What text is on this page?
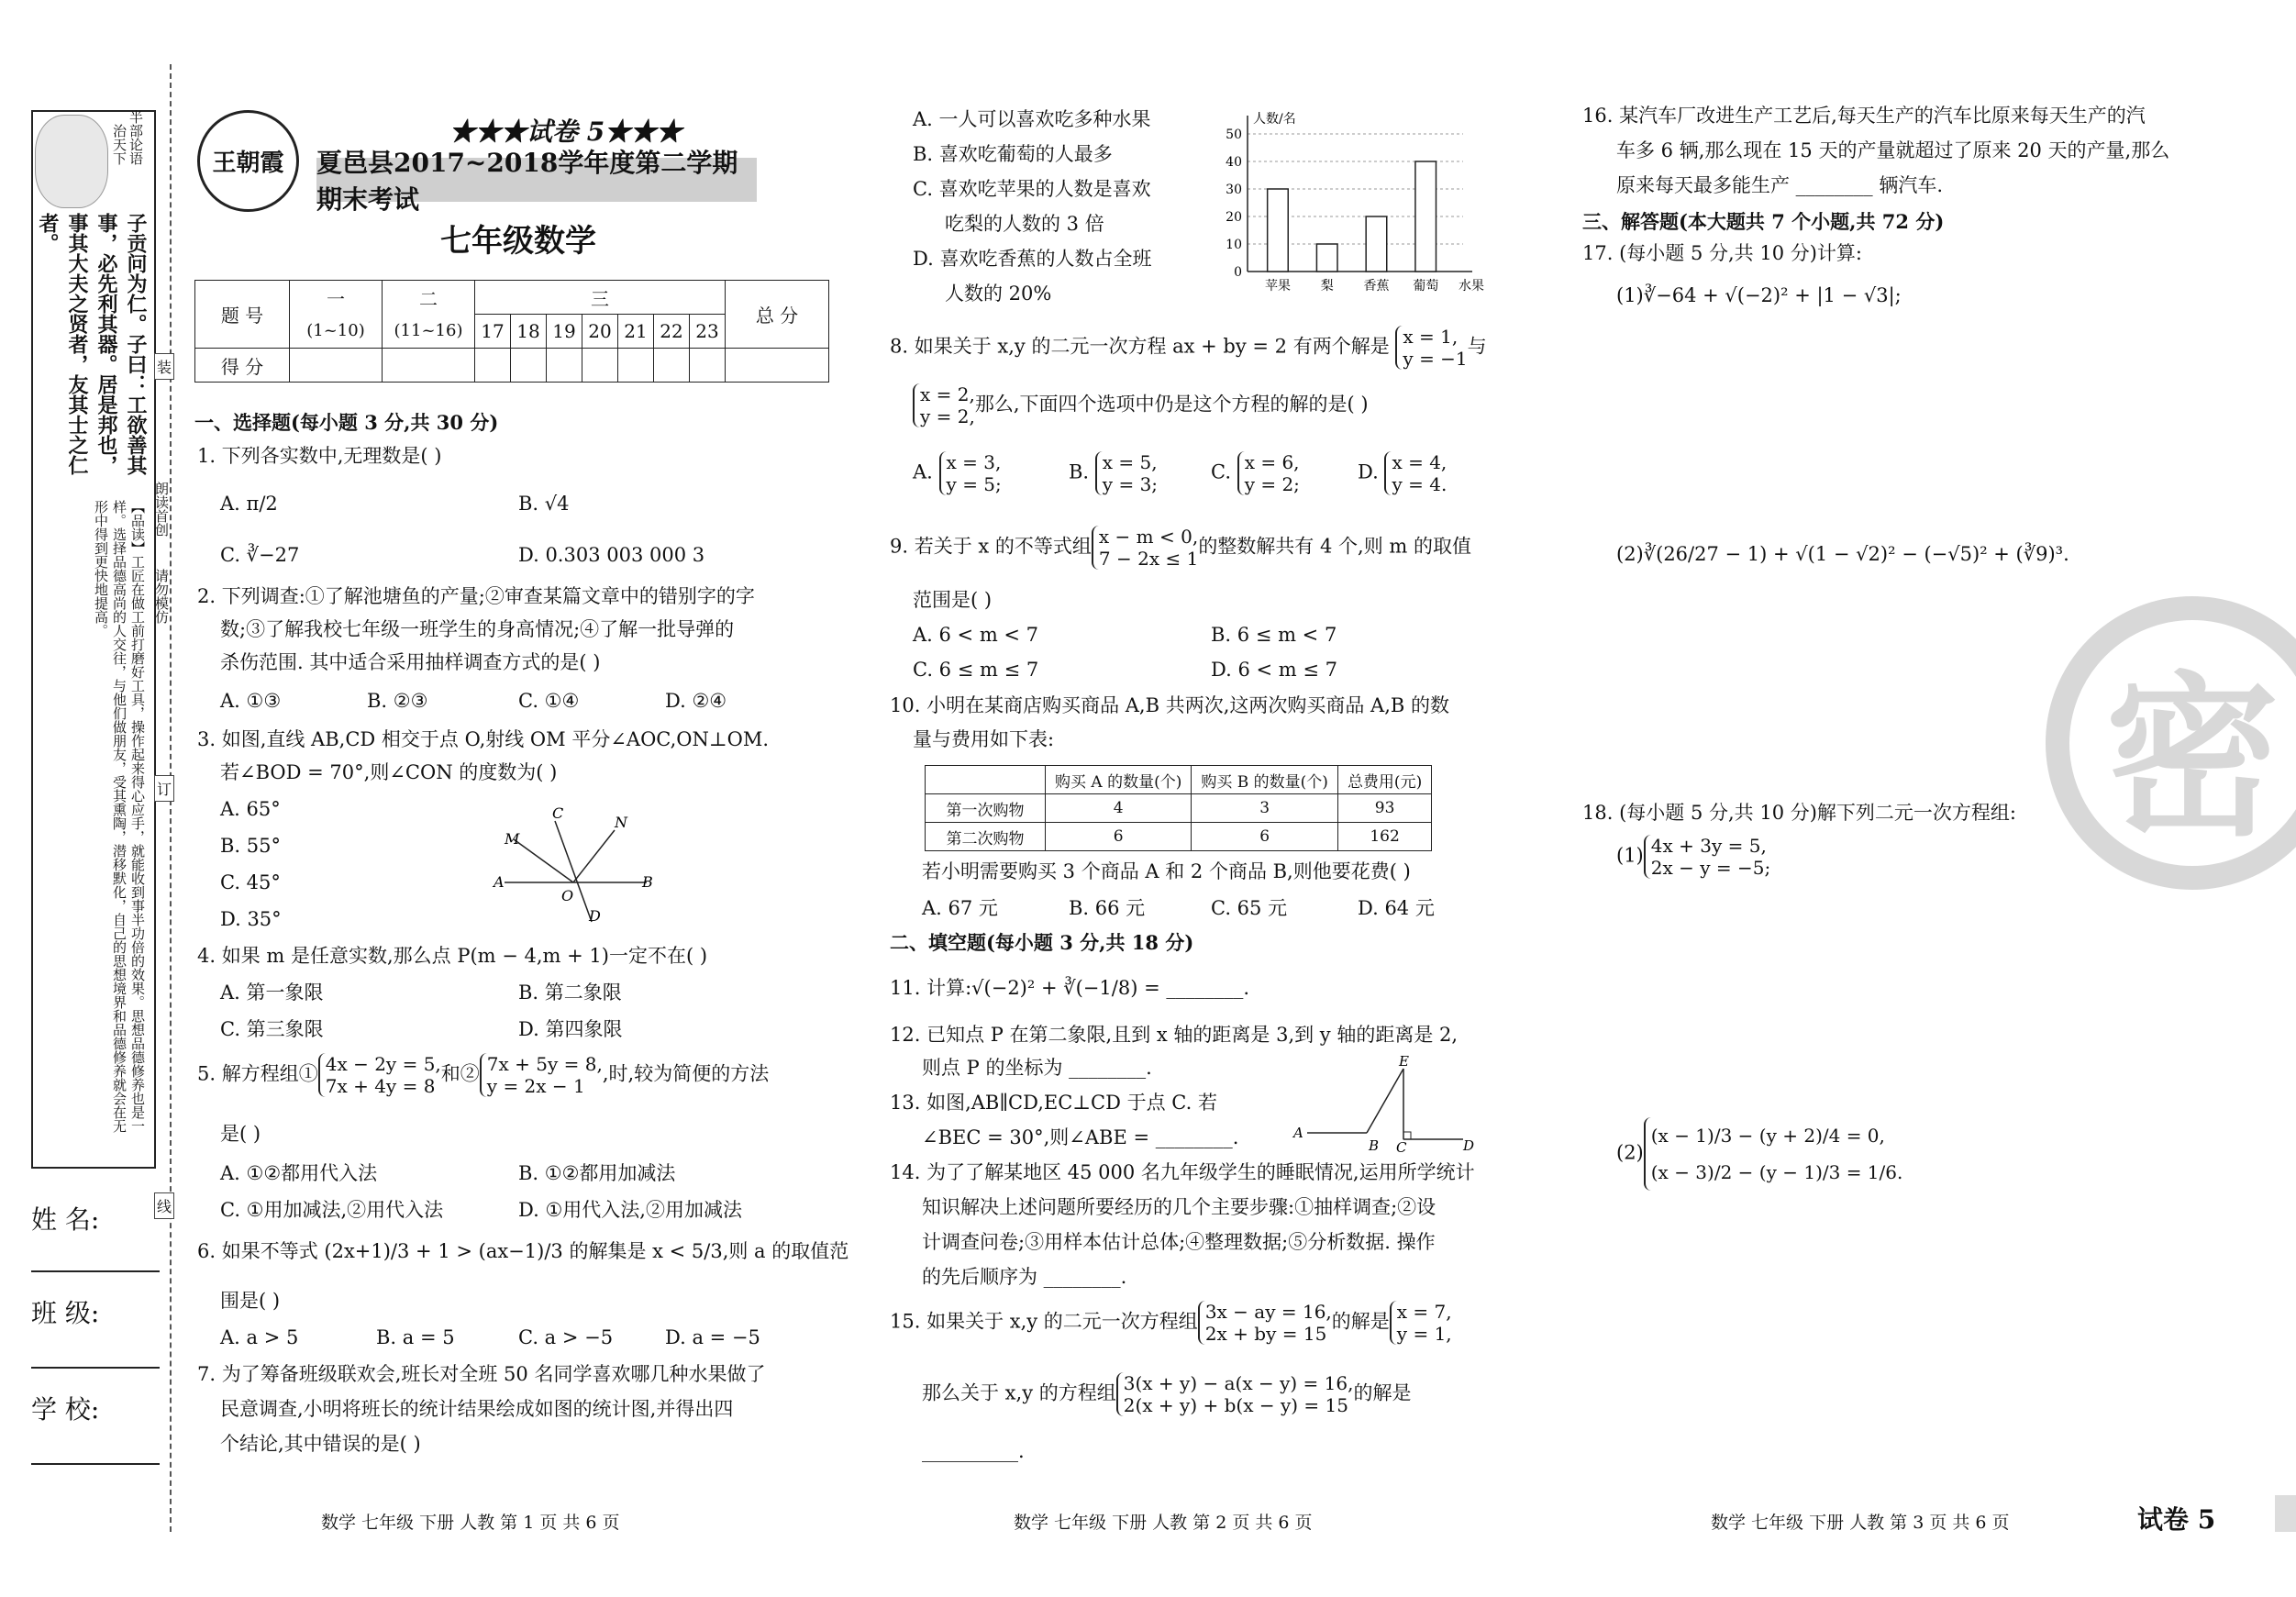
半部论语
治天下
子贡问为仁。子曰：工欲善其事，必先利其器。居是邦也，事其大夫之贤者，友其士之仁者。
【品读】工匠在做工前打磨好工具，操作起来得心应手，就能收到事半功倍的效果。思想品德修养也是一样。选择品德高尚的人交往，与他们做朋友，受其熏陶，潜移默化，自己的思想境界和品德修养就会在无形中得到更快地提高。
姓 名:
班 级:
学 校:
装
订
线
朗读首创
请勿模仿
王朝霞
★★★试卷 5★★★
夏邑县2017~2018学年度第二学期期末考试
七年级数学
题 号	一	二	三							总 分
	(1~10)	(11~16)	17	18	19	20	21	22	23	
得 分										
一、选择题(每小题 3 分,共 30 分)
1. 下列各实数中,无理数是( )
A. π/2	B. √4
C. ∛−27	D. 0.303 003 000 3
2. 下列调查:①了解池塘鱼的产量;②审查某篇文章中的错别字的字
数;③了解我校七年级一班学生的身高情况;④了解一批导弹的
杀伤范围. 其中适合采用抽样调查方式的是( )
A. ①③	B. ②③	C. ①④	D. ②④
3. 如图,直线 AB,CD 相交于点 O,射线 OM 平分∠AOC,ON⊥OM.
若∠BOD = 70°,则∠CON 的度数为( )
A. 65°
B. 55°
C. 45°
D. 35°
C
N
M
A
O
B
D
4. 如果 m 是任意实数,那么点 P(m − 4,m + 1)一定不在( )
A. 第一象限	B. 第二象限
C. 第三象限	D. 第四象限
5. 解方程组① 4x − 2y = 5,
7x + 4y = 8和② 7x + 5y = 8,
y = 2x − 1,时,较为简便的方法
是( )
A. ①②都用代入法	B. ①②都用加减法
C. ①用加减法,②用代入法	D. ①用代入法,②用加减法
6. 如果不等式 (2x+1)/3 + 1 > (ax−1)/3 的解集是 x < 5/3,则 a 的取值范
围是( )
A. a > 5	B. a = 5	C. a > −5	D. a = −5
7. 为了筹备班级联欢会,班长对全班 50 名同学喜欢哪几种水果做了
民意调查,小明将班长的统计结果绘成如图的统计图,并得出四
个结论,其中错误的是( )
数学 七年级 下册 人教 第 1 页 共 6 页
A. 一人可以喜欢吃多种水果
B. 喜欢吃葡萄的人最多
C. 喜欢吃苹果的人数是喜欢
吃梨的人数的 3 倍
D. 喜欢吃香蕉的人数占全班
人数的 20%
0
10
20
30
40
50
人数/名
苹果 梨 香蕉 葡萄 水果
8. 如果关于 x,y 的二元一次方程 ax + by = 2 有两个解是 x = 1,
y = −1与
x = 2,
y = 2,那么,下面四个选项中仍是这个方程的解的是( )
A. x = 3,
y = 5;
B. x = 5,
y = 3;
C. x = 6,
y = 2;
D. x = 4,
y = 4.
9. 若关于 x 的不等式组 x − m < 0,
7 − 2x ≤ 1的整数解共有 4 个,则 m 的取值
范围是( )
A. 6 < m < 7	B. 6 ≤ m < 7
C. 6 ≤ m ≤ 7	D. 6 < m ≤ 7
10. 小明在某商店购买商品 A,B 共两次,这两次购买商品 A,B 的数
量与费用如下表:
	购买 A 的数量(个)	购买 B 的数量(个)	总费用(元)
第一次购物	4	3	93
第二次购物	6	6	162
若小明需要购买 3 个商品 A 和 2 个商品 B,则他要花费( )
A. 67 元	B. 66 元	C. 65 元	D. 64 元
二、填空题(每小题 3 分,共 18 分)
11. 计算:√(−2)² + ∛(−1/8) = ________.
12. 已知点 P 在第二象限,且到 x 轴的距离是 3,到 y 轴的距离是 2,
则点 P 的坐标为 ________.
13. 如图,AB∥CD,EC⊥CD 于点 C. 若
∠BEC = 30°,则∠ABE = ________.
E
A
B C	D
14. 为了了解某地区 45 000 名九年级学生的睡眠情况,运用所学统计
知识解决上述问题所要经历的几个主要步骤:①抽样调查;②设
计调查问卷;③用样本估计总体;④整理数据;⑤分析数据. 操作
的先后顺序为 ________.
15. 如果关于 x,y 的二元一次方程组 3x − ay = 16,
2x + by = 15的解是 x = 7,
y = 1,
那么关于 x,y 的方程组 3(x + y) − a(x − y) = 16,
2(x + y) + b(x − y) = 15的解是
__________.
数学 七年级 下册 人教 第 2 页 共 6 页
密
16. 某汽车厂改进生产工艺后,每天生产的汽车比原来每天生产的汽
车多 6 辆,那么现在 15 天的产量就超过了原来 20 天的产量,那么
原来每天最多能生产 ________ 辆汽车.
三、解答题(本大题共 7 个小题,共 72 分)
17. (每小题 5 分,共 10 分)计算:
(1)∛−64 + √(−2)² + |1 − √3|;
(2)∛(26/27 − 1) + √(1 − √2)² − (−√5)² + (∛9)³.
18. (每小题 5 分,共 10 分)解下列二元一次方程组:
(1) 4x + 3y = 5,
2x − y = −5;
(2)(x − 1)/3 − (y + 2)/4 = 0,
(x − 3)/2 − (y − 1)/3 = 1/6.
数学 七年级 下册 人教 第 3 页 共 6 页	试卷 5
